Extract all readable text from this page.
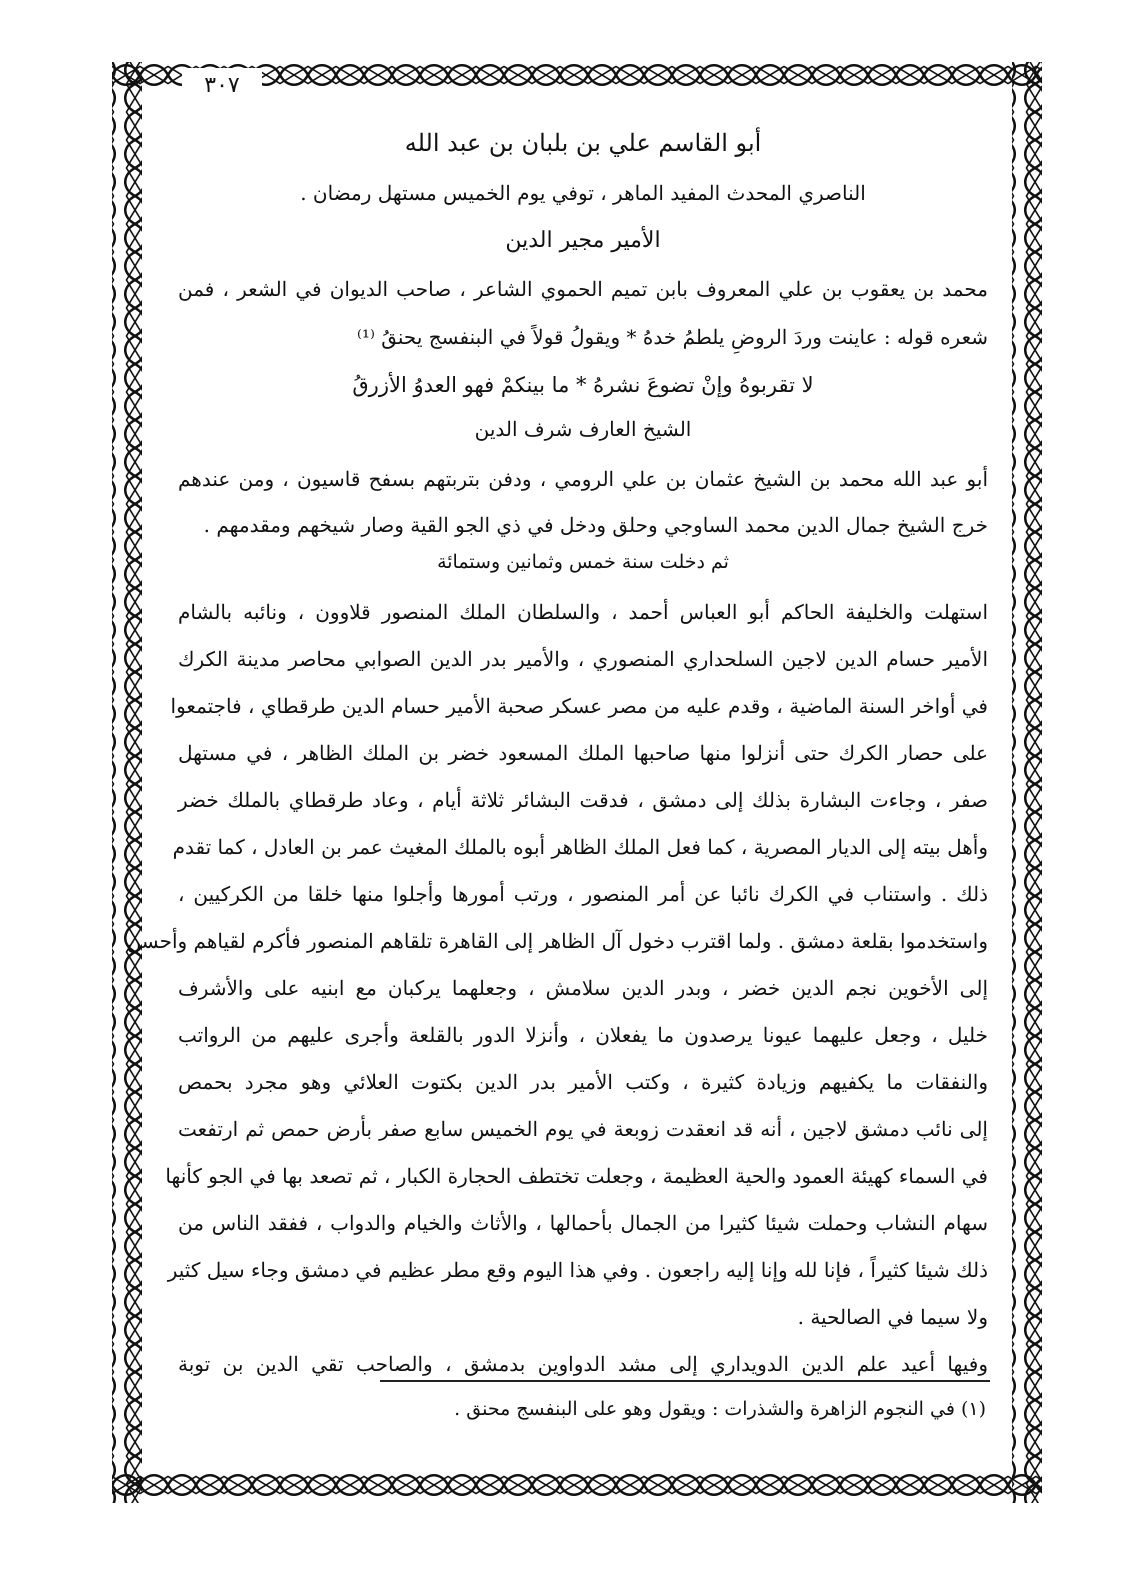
٣٠٧
أبو القاسم علي بن بلبان بن عبد الله
الناصري المحدث المفيد الماهر ، توفي يوم الخميس مستهل رمضان .
الأمير مجير الدين
محمد بن يعقوب بن علي المعروف بابن تميم الحموي الشاعر ، صاحب الديوان في الشعر ، فمن
شعره قوله : عاينت وردَ الروضِ يلطمُ خدهُ * ويقولُ قولاً في البنفسج يحنقُ ⁽¹⁾
لا تقربوهُ وإنْ تضوعَ نشرهُ * ما بينكمْ فهو العدوُ الأزرقُ
الشيخ العارف شرف الدين
أبو عبد الله محمد بن الشيخ عثمان بن علي الرومي ، ودفن بتربتهم بسفح قاسيون ، ومن عندهم
خرج الشيخ جمال الدين محمد الساوجي وحلق ودخل في ذي الجو القية وصار شيخهم ومقدمهم .
ثم دخلت سنة خمس وثمانين وستمائة
استهلت والخليفة الحاكم أبو العباس أحمد ، والسلطان الملك المنصور قلاوون ، ونائبه بالشام
الأمير حسام الدين لاجين السلحداري المنصوري ، والأمير بدر الدين الصوابي محاصر مدينة الكرك
في أواخر السنة الماضية ، وقدم عليه من مصر عسكر صحبة الأمير حسام الدين طرقطاي ، فاجتمعوا
على حصار الكرك حتى أنزلوا منها صاحبها الملك المسعود خضر بن الملك الظاهر ، في مستهل
صفر ، وجاءت البشارة بذلك إلى دمشق ، فدقت البشائر ثلاثة أيام ، وعاد طرقطاي بالملك خضر
وأهل بيته إلى الديار المصرية ، كما فعل الملك الظاهر أبوه بالملك المغيث عمر بن العادل ، كما تقدم
ذلك . واستناب في الكرك نائبا عن أمر المنصور ، ورتب أمورها وأجلوا منها خلقا من الكركيين ،
واستخدموا بقلعة دمشق . ولما اقترب دخول آل الظاهر إلى القاهرة تلقاهم المنصور فأكرم لقياهم وأحسن
إلى الأخوين نجم الدين خضر ، وبدر الدين سلامش ، وجعلهما يركبان مع ابنيه على والأشرف
خليل ، وجعل عليهما عيونا يرصدون ما يفعلان ، وأنزلا الدور بالقلعة وأجرى عليهم من الرواتب
والنفقات ما يكفيهم وزيادة كثيرة ، وكتب الأمير بدر الدين بكتوت العلائي وهو مجرد بحمص
إلى نائب دمشق لاجين ، أنه قد انعقدت زوبعة في يوم الخميس سابع صفر بأرض حمص ثم ارتفعت
في السماء كهيئة العمود والحية العظيمة ، وجعلت تختطف الحجارة الكبار ، ثم تصعد بها في الجو كأنها
سهام النشاب وحملت شيئا كثيرا من الجمال بأحمالها ، والأثاث والخيام والدواب ، ففقد الناس من
ذلك شيئا كثيراً ، فإنا لله وإنا إليه راجعون . وفي هذا اليوم وقع مطر عظيم في دمشق وجاء سيل كثير
ولا سيما في الصالحية .
وفيها أعيد علم الدين الدويداري إلى مشد الدواوين بدمشق ، والصاحب تقي الدين بن توبة
(١) في النجوم الزاهرة والشذرات : ويقول وهو على البنفسج محنق .
